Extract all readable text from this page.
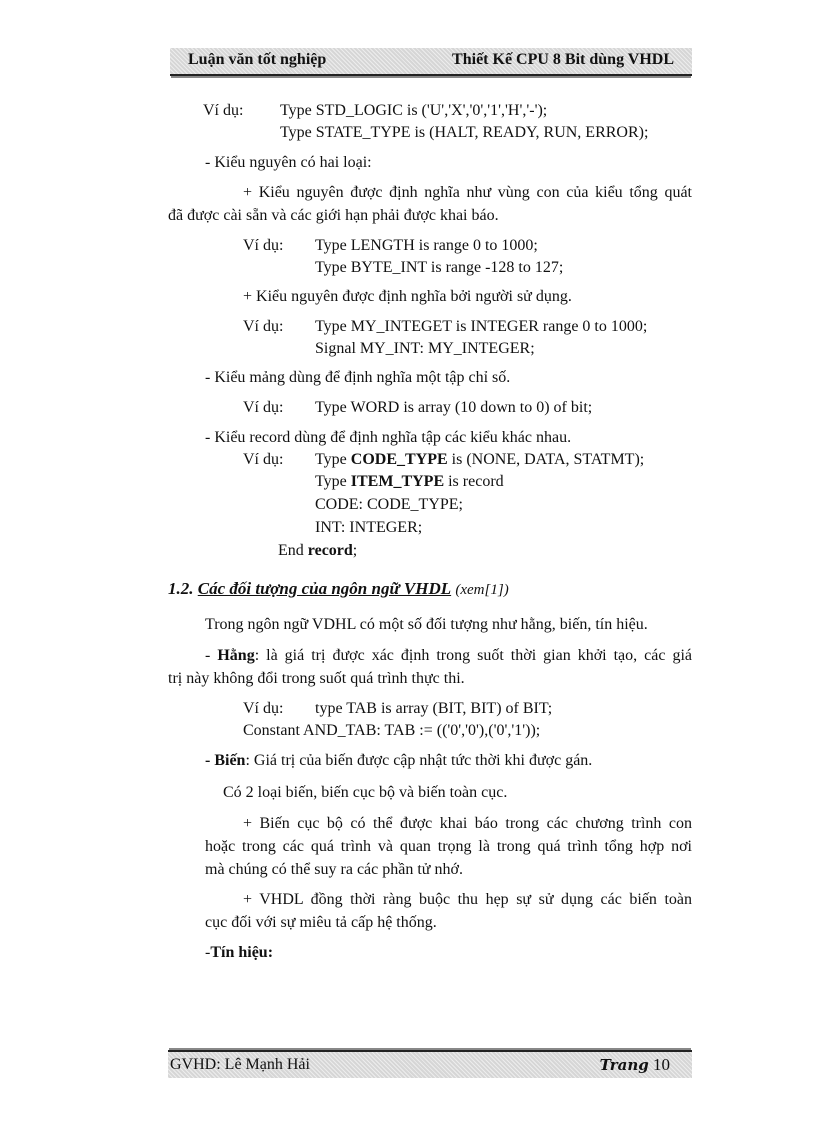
Luận văn tốt nghiệp	Thiết Kế CPU 8 Bit dùng VHDL
Ví dụ: Type STD_LOGIC is ('U','X','0','1','H','-');
Type STATE_TYPE is (HALT, READY, RUN, ERROR);
- Kiểu nguyên có hai loại:
+ Kiểu nguyên được định nghĩa như vùng con của kiểu tổng quát
đã được cài sẵn và các giới hạn phải được khai báo.
Ví dụ: Type LENGTH is range 0 to 1000;
Type BYTE_INT is range -128 to 127;
+ Kiểu nguyên được định nghĩa bởi người sử dụng.
Ví dụ: Type MY_INTEGET is INTEGER range 0 to 1000;
Signal MY_INT: MY_INTEGER;
- Kiểu mảng dùng để định nghĩa một tập chỉ số.
Ví dụ: Type WORD is array (10 down to 0) of bit;
- Kiểu record dùng để định nghĩa tập các kiểu khác nhau.
Ví dụ: Type CODE_TYPE is (NONE, DATA, STATMT);
Type ITEM_TYPE is record
CODE: CODE_TYPE;
INT: INTEGER;
End record;
1.2. Các đối tượng của ngôn ngữ VHDL (xem[1])
Trong ngôn ngữ VDHL có một số đối tượng như hằng, biến, tín hiệu.
- Hằng: là giá trị được xác định trong suốt thời gian khởi tạo, các giá
trị này không đổi trong suốt quá trình thực thi.
Ví dụ: type TAB is array (BIT, BIT) of BIT;
Constant AND_TAB: TAB := (('0','0'),('0','1'));
- Biến: Giá trị của biến được cập nhật tức thời khi được gán.
Có 2 loại biến, biến cục bộ và biến toàn cục.
+ Biến cục bộ có thể được khai báo trong các chương trình con
hoặc trong các quá trình và quan trọng là trong quá trình tổng hợp nơi
mà chúng có thể suy ra các phần tử nhớ.
+ VHDL đồng thời ràng buộc thu hẹp sự sử dụng các biến toàn
cục đối với sự miêu tả cấp hệ thống.
-Tín hiệu:
GVHD: Lê Mạnh Hải	Trang 10
